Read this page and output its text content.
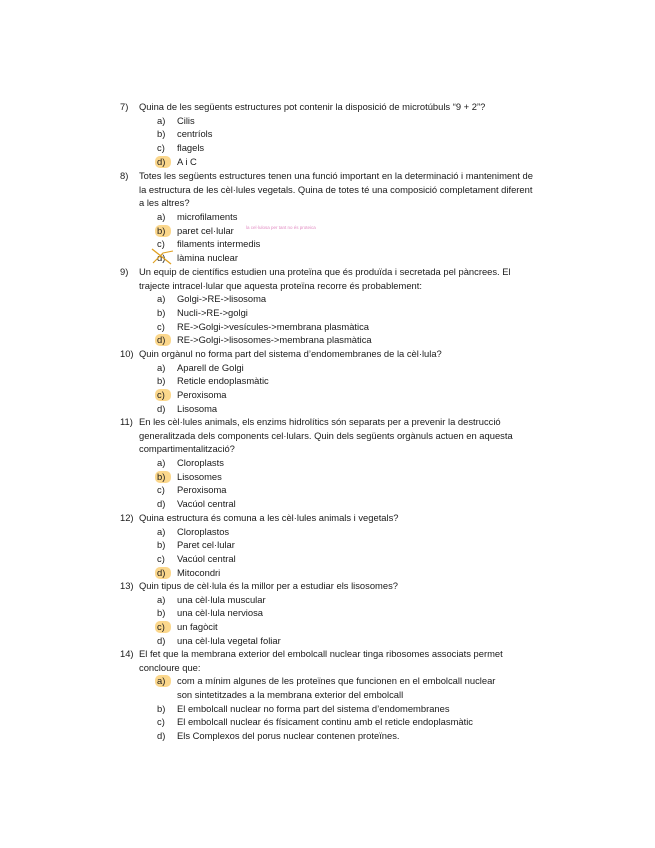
7)	Quina de les següents estructures pot contenir la disposició de microtúbuls “9 + 2”?
a)	Cilis
b)	centríols
c)	flagels
d)	A i C
8)	Totes les següents estructures tenen una funció important en la determinació i manteniment de la estructura de les cèl·lules vegetals. Quina de totes té una composició completament diferent a les altres?
a)	microfilaments
b)	paret cel·lular
c)	filaments intermedis
d)	làmina nuclear
la cel·lulosa per tant no és proteica
9)	Un equip de científics estudien una proteïna que és produïda i secretada pel pàncrees. El trajecte intracel·lular que aquesta proteïna recorre és probablement:
a)	Golgi->RE->lisosoma
b)	Nucli->RE->golgi
c)	RE->Golgi->vesícules->membrana plasmàtica
d)	RE->Golgi->lisosomes->membrana plasmàtica
10) Quin orgànul no forma part del sistema d’endomembranes de la cèl·lula?
a)	Aparell de Golgi
b)	Reticle endoplasmàtic
c)	Peroxisoma
d)	Lisosoma
11) En les cèl·lules animals, els enzims hidrolítics són separats per a prevenir la destrucció generalitzada dels components cel·lulars. Quin dels següents orgànuls actuen en aquesta compartimentalització?
a)	Cloroplasts
b)	Lisosomes
c)	Peroxisoma
d)	Vacúol central
12) Quina estructura és comuna a les cèl·lules animals i vegetals?
a)	Cloroplastos
b)	Paret cel·lular
c)	Vacúol central
d)	Mitocondri
13) Quin tipus de cèl·lula és la millor per a estudiar els lisosomes?
a)	una cèl·lula muscular
b)	una cèl·lula nerviosa
c)	un fagòcit
d)	una cèl·lula vegetal foliar
14) El fet que la membrana exterior del embolcall nuclear tinga ribosomes associats permet concloure que:
a)	com a mínim algunes de les proteïnes que funcionen en el embolcall nuclear
son sintetitzades a la membrana exterior del embolcall
b)	El embolcall nuclear no forma part del sistema d’endomembranes
c)	El embolcall nuclear és físicament continu amb el reticle endoplasmàtic
d)	Els Complexos del porus nuclear contenen proteïnes.
